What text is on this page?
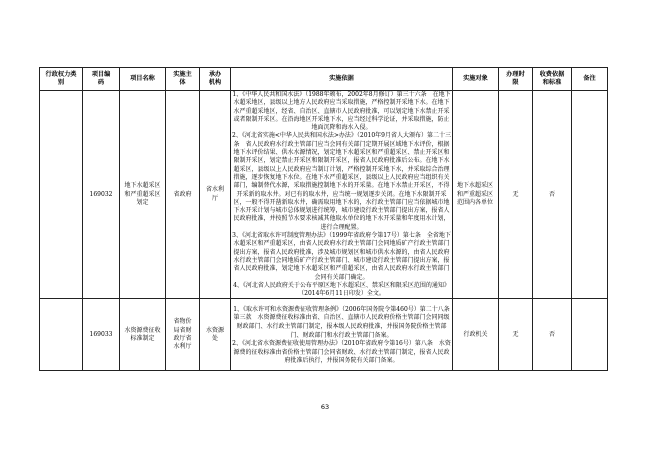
行政权力类别	项目编码	项目名称	实施主体	承办机构	实施依据	实施对象	办理时限	收费依据和标准	备注
	169032	地下水超采区和严重超采区划定	省政府	省水利厅	1、《中华人民共和国水法》（1988年颁布，2002年8月修订）第三十六条　在地下水超采地区，县级以上地方人民政府应当采取措施，严格控制开采地下水。在地下水严重超采地区，经省、自治区、直辖市人民政府批准，可以划定地下水禁止开采或者限制开采区。在沿海地区开采地下水，应当经过科学论证，并采取措施，防止地面沉降和海水入侵。

2、《河北省实施<中华人民共和国水法>办法》（2010年9月省人大颁布）第二十三条　省人民政府水行政主管部门应当会同有关部门定期开展区域地下水评价，根据地下水评价结果、供水水源情况，划定地下水超采区和严重超采区、禁止开采区和限制开采区，划定禁止开采区和限制开采区，报省人民政府批准后公布。在地下水超采区，县级以上人民政府应当制订计划，严格控制开采地下水，并采取综合治理措施，逐步恢复地下水位。在地下水严重超采区，县级以上人民政府应当组织有关部门，编制替代水源，采取措施控制地下水的开采量。在地下水禁止开采区，不得开采新的取水井。对已有的取水井，应当统一规划逐步关闭。在地下水限制开采区，一般不得开凿新取水井，确需取用地下水的，水行政主管部门应当依据城市地下水开采计划与城市总体规划进行统筹，城市建设行政主管部门提出方案，报省人民政府批准，并按照节水要求核减其他取水单位的地下水开采量和年度用水计划，进行合理配置。

3、《河北省取水许可制度管理办法》（1999年省政府令第17号）第七条　全省地下水超采区和严重超采区，由省人民政府水行政主管部门会同地质矿产行政主管部门提出方案，报省人民政府批准，涉及城市规划区和城市供水水源的，由省人民政府水行政主管部门会同地质矿产行政主管部门、城市建设行政主管部门提出方案，报省人民政府批准，划定地下水超采区和严重超采区，由省人民政府水行政主管部门会同有关部门确定。

4、《河北省人民政府关于公布平原区地下水超采区、禁采区和限采区范围的通知》（2014年6月11日印发）全文。	地下水超采区和严重超采区范围内各单位	无	否	
	169033	水资源费征收标准制定	省物价局省财政厅省水利厅	水资源处	1、《取水许可和水资源费征收管理条例》（2006年国务院令第460号）第二十八条第三款　水资源费征收标准由省、自治区、直辖市人民政府价格主管部门会同同级财政部门、水行政主管部门制定，报本级人民政府批准，并报国务院价格主管部门、财政部门和水行政主管部门备案。

2、《河北省水资源费征收使用管理办法》（2010年省政府令第16号）第八条　水资源费的征收标准由省价格主管部门会同省财政、水行政主管部门制定，报省人民政府批准后执行，并报国务院有关部门备案。	行政机关	无	否	
63
